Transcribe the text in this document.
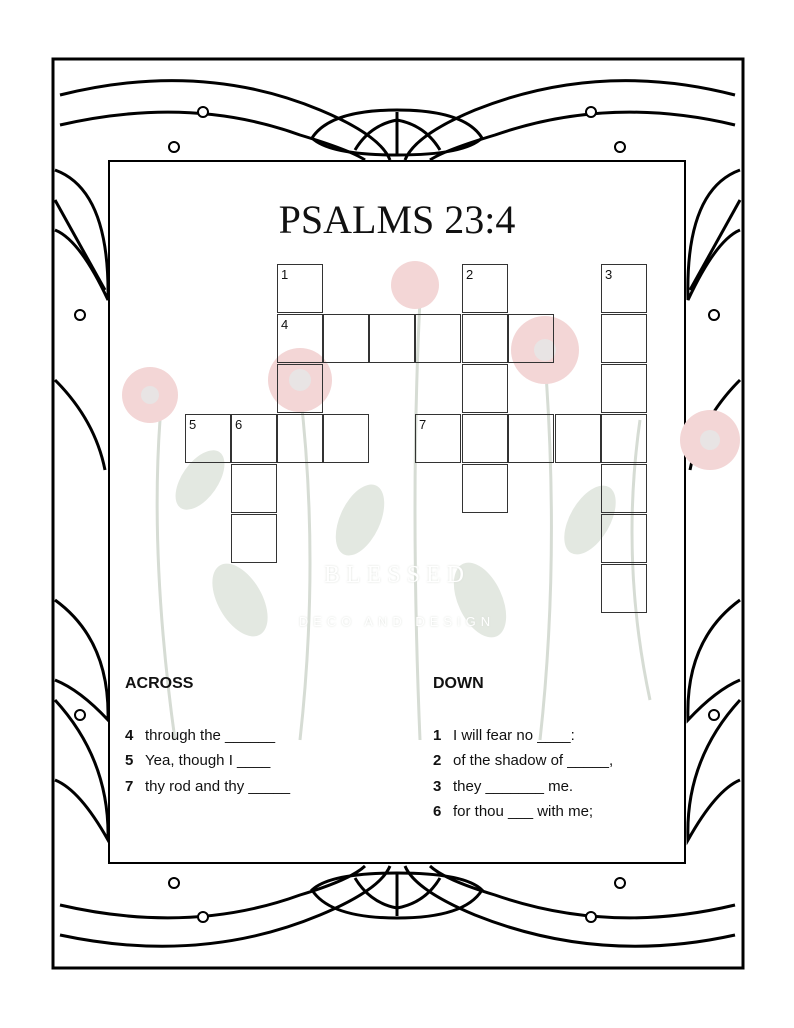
PSALMS 23:4
1	2	3
4
5	6	7
BLESSED
DECO AND DESIGN
ACROSS	DOWN
4 through the ______
5 Yea, though I ____
7 thy rod and thy _____
1 I will fear no ____:
2 of the shadow of _____,
3 they _______ me.
6 for thou ___ with me;
